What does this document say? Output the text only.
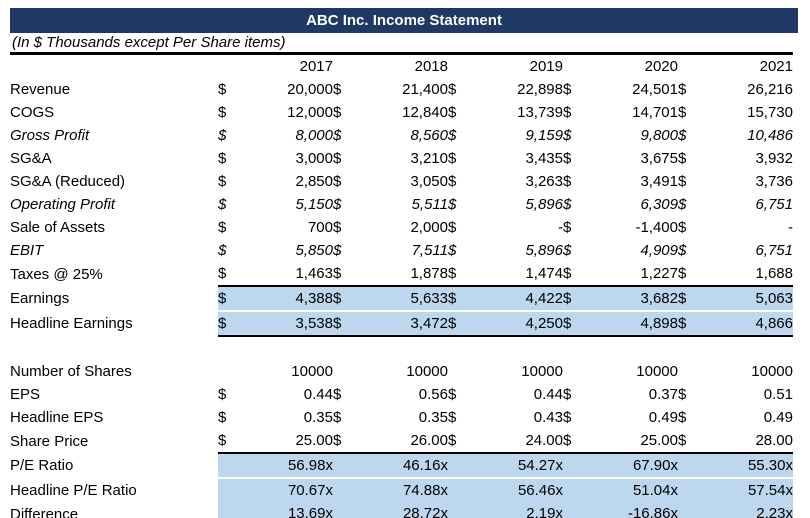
ABC Inc. Income Statement
(In $ Thousands except Per Share items)
		2017		2018		2019		2020		2021
Revenue	$	20,000	$	21,400	$	22,898	$	24,501	$	26,216
COGS	$	12,000	$	12,840	$	13,739	$	14,701	$	15,730
Gross Profit	$	8,000	$	8,560	$	9,159	$	9,800	$	10,486
SG&A	$	3,000	$	3,210	$	3,435	$	3,675	$	3,932
SG&A (Reduced)	$	2,850	$	3,050	$	3,263	$	3,491	$	3,736
Operating Profit	$	5,150	$	5,511	$	5,896	$	6,309	$	6,751
Sale of Assets	$	700	$	2,000	$	-	$	-1,400	$	-
EBIT	$	5,850	$	7,511	$	5,896	$	4,909	$	6,751
Taxes @ 25%	$	1,463	$	1,878	$	1,474	$	1,227	$	1,688
Earnings	$	4,388	$	5,633	$	4,422	$	3,682	$	5,063
Headline Earnings	$	3,538	$	3,472	$	4,250	$	4,898	$	4,866

Number of Shares		10000		10000		10000		10000		10000
EPS	$	0.44	$	0.56	$	0.44	$	0.37	$	0.51
Headline EPS	$	0.35	$	0.35	$	0.43	$	0.49	$	0.49
Share Price	$	25.00	$	26.00	$	24.00	$	25.00	$	28.00
P/E Ratio		56.98x		46.16x		54.27x		67.90x		55.30x
Headline P/E Ratio		70.67x		74.88x		56.46x		51.04x		57.54x
Difference		13.69x		28.72x		2.19x		-16.86x		2.23x
